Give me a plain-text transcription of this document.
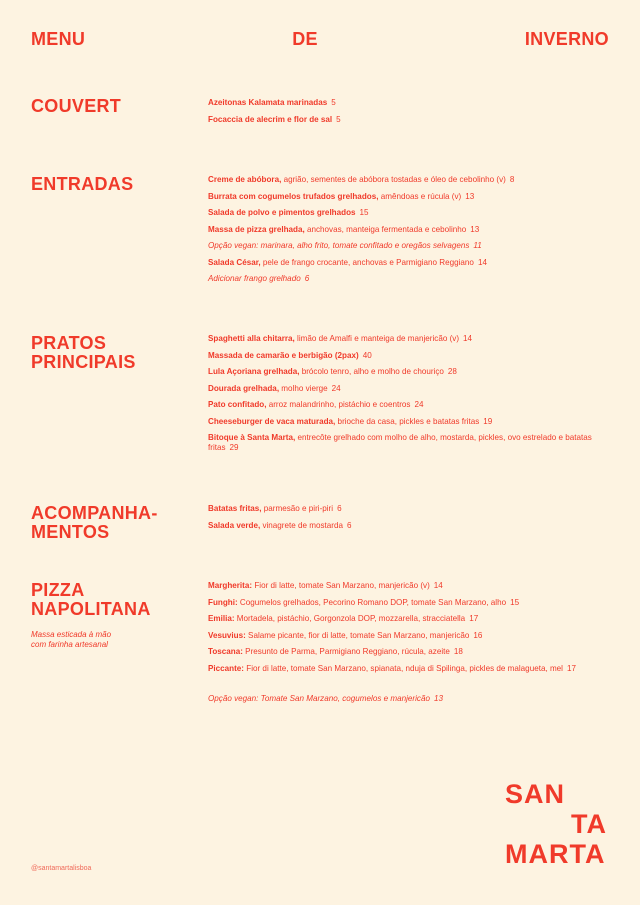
MENU	DE	INVERNO
COUVERT	Azeitonas Kalamata marinadas 5
Focaccia de alecrim e flor de sal 5
ENTRADAS	Creme de abóbora, agrião, sementes de abóbora tostadas e óleo de cebolinho (v) 8
Burrata com cogumelos trufados grelhados, amêndoas e rúcula (v) 13
Salada de polvo e pimentos grelhados 15
Massa de pizza grelhada, anchovas, manteiga fermentada e cebolinho 13
Opção vegan: marinara, alho frito, tomate confitado e oregãos selvagens 11
Salada César, pele de frango crocante, anchovas e Parmigiano Reggiano 14
Adicionar frango grelhado 6
PRATOS
PRINCIPAIS
Spaghetti alla chitarra, limão de Amalfi e manteiga de manjericão (v) 14
Massada de camarão e berbigão (2pax) 40
Lula Açoriana grelhada, brócolo tenro, alho e molho de chouriço 28
Dourada grelhada, molho vierge 24
Pato confitado, arroz malandrinho, pistáchio e coentros 24
Cheeseburger de vaca maturada, brioche da casa, pickles e batatas fritas 19
Bitoque à Santa Marta, entrecôte grelhado com molho de alho, mostarda, pickles, ovo estrelado e batatas fritas 29
ACOMPANHA-
MENTOS
Batatas fritas, parmesão e piri-piri 6
Salada verde, vinagrete de mostarda 6
PIZZA
NAPOLITANA
Massa esticada à mão
com farinha artesanal
Margherita: Fior di latte, tomate San Marzano, manjericão (v) 14
Funghi: Cogumelos grelhados, Pecorino Romano DOP, tomate San Marzano, alho 15
Emilia: Mortadela, pistáchio, Gorgonzola DOP, mozzarella, stracciatella 17
Vesuvius: Salame picante, fior di latte, tomate San Marzano, manjericão 16
Toscana: Presunto de Parma, Parmigiano Reggiano, rúcula, azeite 18
Piccante: Fior di latte, tomate San Marzano, spianata, nduja di Spilinga, pickles de malagueta, mel 17
Opção vegan: Tomate San Marzano, cogumelos e manjericão 13
SAN
TA
MARTA
@santamartalisboa
